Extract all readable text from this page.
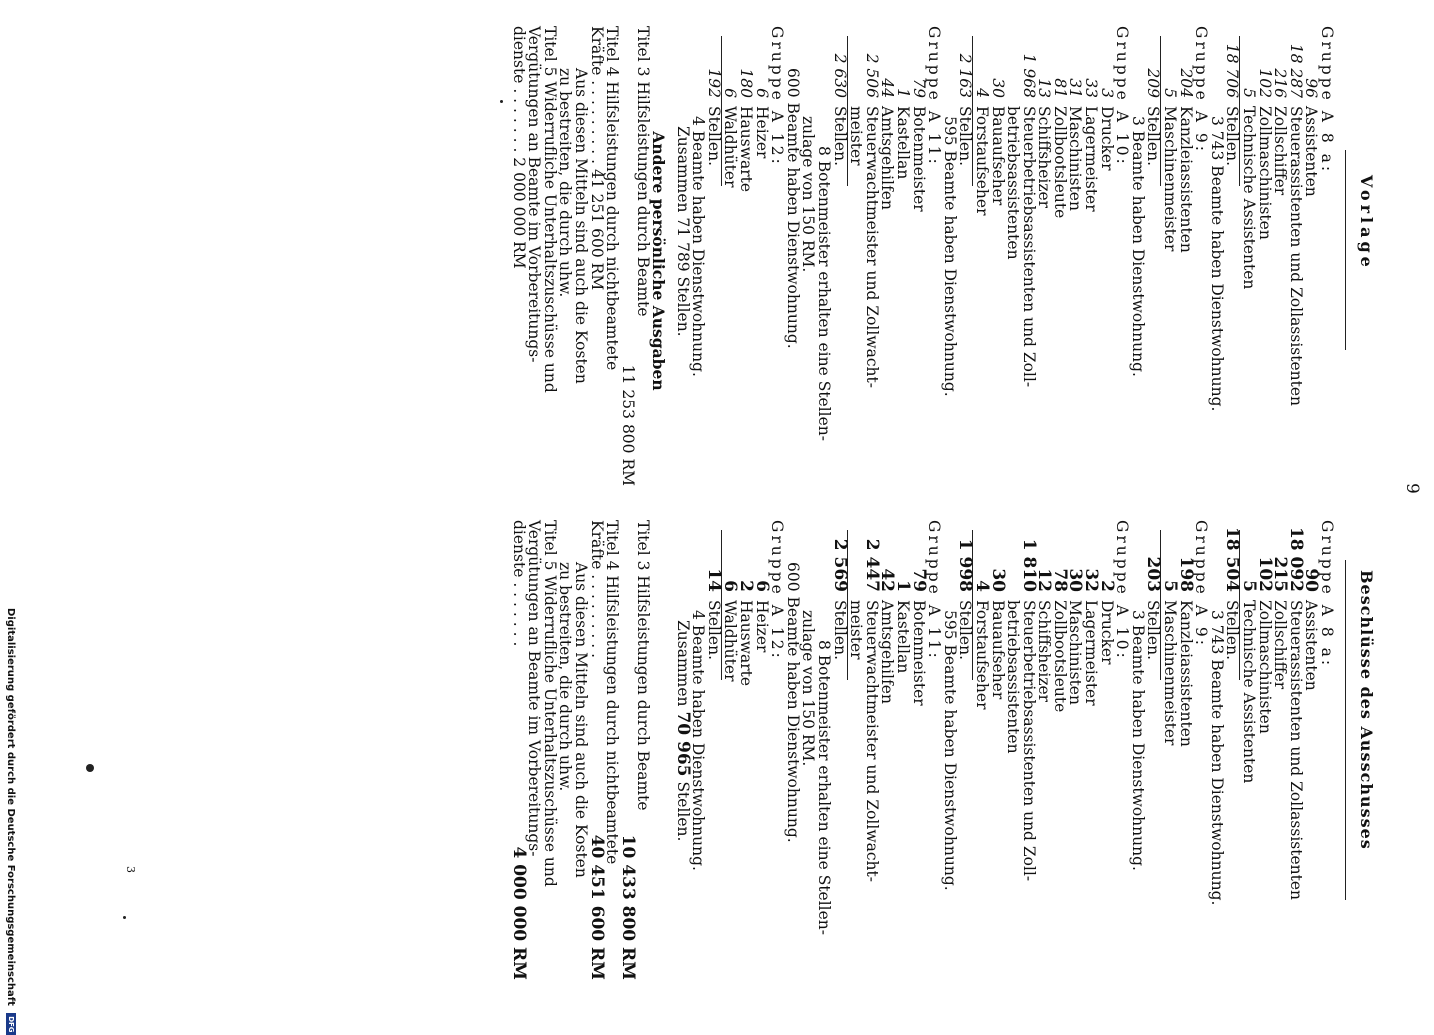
Vorlage
Beschlüsse des Ausschusses
9
Gruppe A 8 a:
96Assistenten
18 287Steuerassistenten und Zollassistenten
216Zollschiffer
102Zollmaschinisten
5Technische Assistenten
18 706Stellen.
3 743 Beamte haben Dienstwohnung.
Gruppe A 9:
204Kanzleiassistenten
5Maschinenmeister
209Stellen.
3 Beamte haben Dienstwohnung.
Gruppe A 10:
3Drucker
33Lagermeister
31Maschinisten
81Zollbootsleute
13Schiffsheizer
1 968Steuerbetriebsassistenten und Zoll-
betriebsassistenten
30Bauaufseher
4Forstaufseher
2 163Stellen.
595 Beamte haben Dienstwohnung.
Gruppe A 11:
79Botenmeister
1Kastellan
44Amtsgehilfen
2 506Steuerwachtmeister und Zollwacht-
meister
2 630Stellen.
8 Botenmeister erhalten eine Stellen-
zulage von 150 RM.
600 Beamte haben Dienstwohnung.
Gruppe A 12:
6Heizer
180Hauswarte
6Waldhüter
192Stellen.
4 Beamte haben Dienstwohnung.
Zusammen 71 789 Stellen.
Andere persönliche Ausgaben
Titel 3 Hilfsleistungen durch Beamte
11 253 800 RM
Titel 4 Hilfsleistungen durch nichtbeamtete
Kräfte . . . . . . . . . 41 251 600 RM
Aus diesen Mitteln sind auch die Kosten
zu bestreiten, die durch uhw.
Titel 5 Widerrufliche Unterhaltszuschüsse und
Vergütungen an Beamte im Vorbereitungs-
dienste . . . . . . . 2 000 000 RM
Gruppe A 8 a:
90Assistenten
18 092Steuerassistenten und Zollassistenten
215Zollschiffer
102Zollmaschinisten
5Technische Assistenten
18 504Stellen.
3 743 Beamte haben Dienstwohnung.
Gruppe A 9:
198Kanzleiassistenten
5Maschinenmeister
203Stellen.
3 Beamte haben Dienstwohnung.
Gruppe A 10:
2Drucker
32Lagermeister
30Maschinisten
78Zollbootsleute
12Schiffsheizer
1 810Steuerbetriebsassistenten und Zoll-
betriebsassistenten
30Bauaufseher
4Forstaufseher
1 998Stellen.
595 Beamte haben Dienstwohnung.
Gruppe A 11:
79Botenmeister
1Kastellan
42Amtsgehilfen
2 447Steuerwachtmeister und Zollwacht-
meister
2 569Stellen.
8 Botenmeister erhalten eine Stellen-
zulage von 150 RM.
600 Beamte haben Dienstwohnung.
Gruppe A 12:
6Heizer
2Hauswarte
6Waldhüter
14Stellen.
4 Beamte haben Dienstwohnung.
Zusammen 70 965 Stellen.

Titel 3 Hilfsleistungen durch Beamte
10 433 800 RM
Titel 4 Hilfsleistungen durch nichtbeamtete
Kräfte . . . . . . . . .
40 451 600 RM
Aus diesen Mitteln sind auch die Kosten
zu bestreiten, die durch uhw.
Titel 5 Widerrufliche Unterhaltszuschüsse und
Vergütungen an Beamte im Vorbereitungs-
dienste . . . . . . .
4 000 000 RM
3
Digitalisierung gefördert durch die Deutsche Forschungsgemeinschaft DFG
